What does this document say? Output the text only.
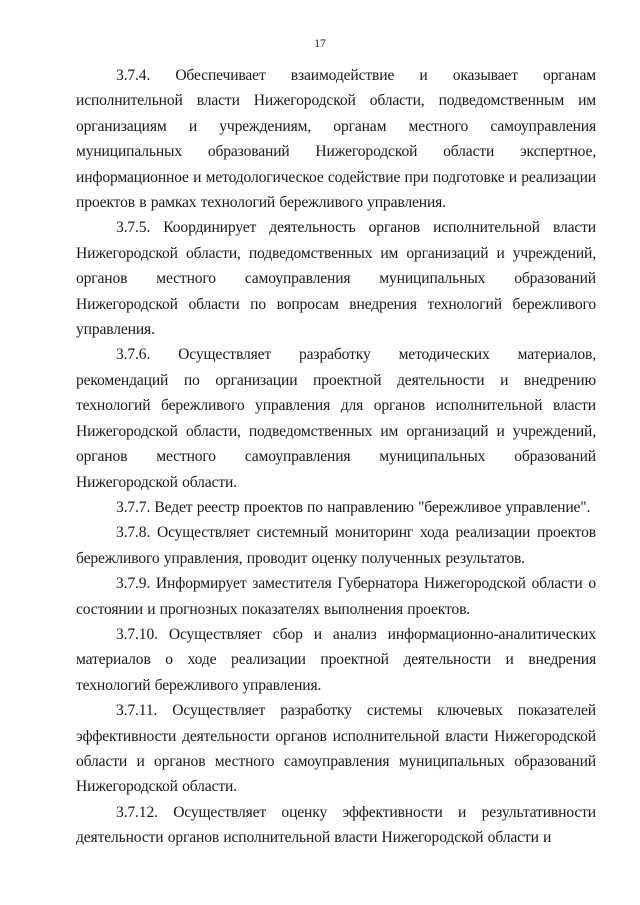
17

3.7.4. Обеспечивает взаимодействие и оказывает органам исполнительной власти Нижегородской области, подведомственным им организациям и учреждениям, органам местного самоуправления муниципальных образований Нижегородской области экспертное, информационное и методологическое содействие при подготовке и реализации проектов в рамках технологий бережливого управления.

3.7.5. Координирует деятельность органов исполнительной власти Нижегородской области, подведомственных им организаций и учреждений, органов местного самоуправления муниципальных образований Нижегородской области по вопросам внедрения технологий бережливого управления.

3.7.6. Осуществляет разработку методических материалов, рекомендаций по организации проектной деятельности и внедрению технологий бережливого управления для органов исполнительной власти Нижегородской области, подведомственных им организаций и учреждений, органов местного самоуправления муниципальных образований Нижегородской области.

3.7.7. Ведет реестр проектов по направлению "бережливое управление".

3.7.8. Осуществляет системный мониторинг хода реализации проектов бережливого управления, проводит оценку полученных результатов.

3.7.9. Информирует заместителя Губернатора Нижегородской области о состоянии и прогнозных показателях выполнения проектов.

3.7.10. Осуществляет сбор и анализ информационно-аналитических материалов о ходе реализации проектной деятельности и внедрения технологий бережливого управления.

3.7.11. Осуществляет разработку системы ключевых показателей эффективности деятельности органов исполнительной власти Нижегородской области и органов местного самоуправления муниципальных образований Нижегородской области.

3.7.12. Осуществляет оценку эффективности и результативности деятельности органов исполнительной власти Нижегородской области и
